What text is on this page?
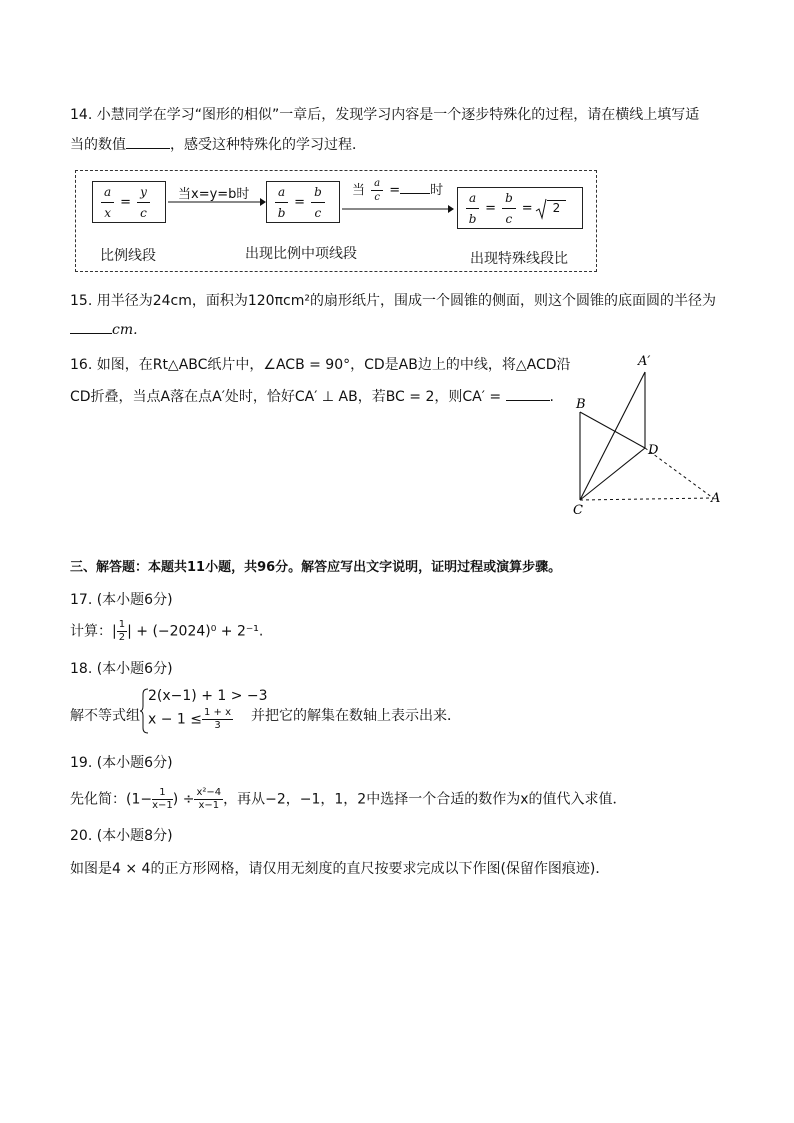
14. 小慧同学在学习“图形的相似”一章后，发现学习内容是一个逐步特殊化的过程，请在横线上填写适
当的数值	，感受这种特殊化的学习过程．
$\frac{a}{x} = \frac{y}{c}$
比例线段
当x=y=b时 $\frac{a}{b} = \frac{b}{c}$
出现比例中项线段
当 $\frac{a}{c}$ = 时
$\frac{a}{b} = \frac{b}{c} = 2$
出现特殊线段比
15. 用半径为24cm，面积为120πcm²的扇形纸片，围成一个圆锥的侧面，则这个圆锥的底面圆的半径为
cm.
16. 如图，在Rt△ABC纸片中，∠ACB = 90°，CD是AB边上的中线，将△ACD沿
CD折叠，当点A落在点A′处时，恰好CA′ ⊥ AB，若BC = 2，则CA′ =	.
A′
B
D
C
A
三、解答题：本题共11小题，共96分。解答应写出文字说明，证明过程或演算步骤。
17. (本小题6分)
计算：| $\frac{1}{2}$ | + (−2024)⁰ + 2⁻¹.
18. (本小题6分)
解不等式组
2(x−1) + 1 > −3
$x - 1 \le \frac{1 + x}{3}$ 并把它的解集在数轴上表示出来．
19. (本小题6分)
先化简：($1- \frac{1}{x-1}$ ) ÷ $\frac{\text{x²−4}}{x-1}$ ，再从−2，−1，1，2中选择一个合适的数作为x的值代入求值．
20. (本小题8分)
如图是4 × 4的正方形网格，请仅用无刻度的直尺按要求完成以下作图(保留作图痕迹)．
